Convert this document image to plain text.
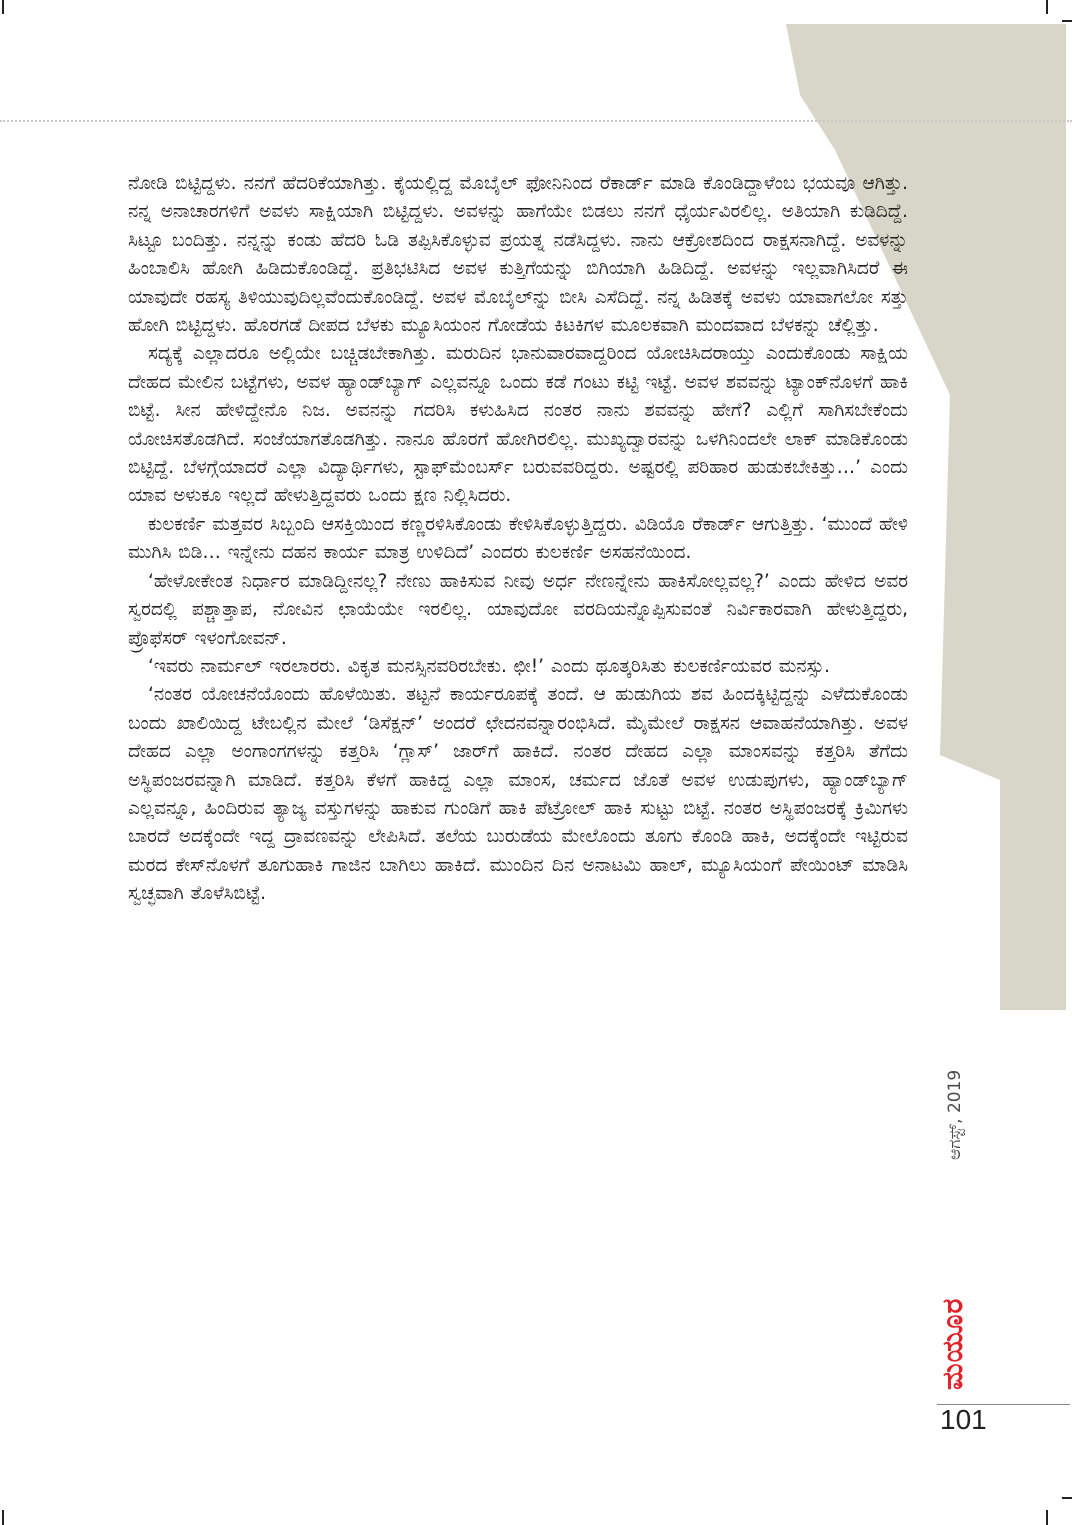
ನೋಡಿ ಬಿಟ್ಟಿದ್ದಳು. ನನಗೆ ಹೆದರಿಕೆಯಾಗಿತ್ತು. ಕೈಯಲ್ಲಿದ್ದ ಮೊಬೈಲ್ ಫೋನಿನಿಂದ ರೆಕಾರ್ಡ್ ಮಾಡಿ ಕೊಂಡಿದ್ದಾಳೆಂಬ ಭಯವೂ ಆಗಿತ್ತು. ನನ್ನ ಅನಾಚಾರಗಳಿಗೆ ಅವಳು ಸಾಕ್ಷಿಯಾಗಿ ಬಿಟ್ಟಿದ್ದಳು. ಅವಳನ್ನು ಹಾಗೆಯೇ ಬಿಡಲು ನನಗೆ ಧೈರ್ಯವಿರಲಿಲ್ಲ. ಅತಿಯಾಗಿ ಕುಡಿದಿದ್ದೆ. ಸಿಟ್ಟೂ ಬಂದಿತ್ತು. ನನ್ನನ್ನು ಕಂಡು ಹೆದರಿ ಓಡಿ ತಪ್ಪಿಸಿಕೊಳ್ಳುವ ಪ್ರಯತ್ನ ನಡೆಸಿದ್ದಳು. ನಾನು ಆಕ್ರೋಶದಿಂದ ರಾಕ್ಷಸನಾಗಿದ್ದೆ. ಅವಳನ್ನು ಹಿಂಬಾಲಿಸಿ ಹೋಗಿ ಹಿಡಿದುಕೊಂಡಿದ್ದೆ. ಪ್ರತಿಭಟಿಸಿದ ಅವಳ ಕುತ್ತಿಗೆಯನ್ನು ಬಿಗಿಯಾಗಿ ಹಿಡಿದಿದ್ದೆ. ಅವಳನ್ನು ಇಲ್ಲವಾಗಿಸಿದರೆ ಈ ಯಾವುದೇ ರಹಸ್ಯ ತಿಳಿಯುವುದಿಲ್ಲವೆಂದುಕೊಂಡಿದ್ದೆ. ಅವಳ ಮೊಬೈಲ್‌ನ್ನು ಬೀಸಿ ಎಸೆದಿದ್ದೆ. ನನ್ನ ಹಿಡಿತಕ್ಕೆ ಅವಳು ಯಾವಾಗಲೋ ಸತ್ತು ಹೋಗಿ ಬಿಟ್ಟಿದ್ದಳು. ಹೊರಗಡೆ ದೀಪದ ಬೆಳಕು ಮ್ಯೂಸಿಯಂನ ಗೋಡೆಯ ಕಿಟಕಿಗಳ ಮೂಲಕವಾಗಿ ಮಂದವಾದ ಬೆಳಕನ್ನು ಚೆಲ್ಲಿತ್ತು.

ಸದ್ಯಕ್ಕೆ ಎಲ್ಲಾದರೂ ಅಲ್ಲಿಯೇ ಬಚ್ಚಿಡಬೇಕಾಗಿತ್ತು. ಮರುದಿನ ಭಾನುವಾರವಾದ್ದರಿಂದ ಯೋಚಿಸಿದರಾಯ್ತು ಎಂದುಕೊಂಡು ಸಾಕ್ಷಿಯ ದೇಹದ ಮೇಲಿನ ಬಟ್ಟೆಗಳು, ಅವಳ ಹ್ಯಾಂಡ್‌ಬ್ಯಾಗ್ ಎಲ್ಲವನ್ನೂ ಒಂದು ಕಡೆ ಗಂಟು ಕಟ್ಟಿ ಇಟ್ಟೆ. ಅವಳ ಶವವನ್ನು ಟ್ಯಾಂಕ್‌ನೊಳಗೆ ಹಾಕಿ ಬಿಟ್ಟೆ. ಸೀನ ಹೇಳಿದ್ದೇನೊ ನಿಜ. ಅವನನ್ನು ಗದರಿಸಿ ಕಳುಹಿಸಿದ ನಂತರ ನಾನು ಶವವನ್ನು ಹೇಗೆ? ಎಲ್ಲಿಗೆ ಸಾಗಿಸಬೇಕೆಂದು ಯೋಚಿಸತೊಡಗಿದೆ. ಸಂಜೆಯಾಗತೊಡಗಿತ್ತು. ನಾನೂ ಹೊರಗೆ ಹೋಗಿರಲಿಲ್ಲ. ಮುಖ್ಯದ್ವಾರವನ್ನು ಒಳಗಿನಿಂದಲೇ ಲಾಕ್ ಮಾಡಿಕೊಂಡು ಬಿಟ್ಟಿದ್ದೆ. ಬೆಳಗ್ಗೆಯಾದರೆ ಎಲ್ಲಾ ವಿದ್ಯಾರ್ಥಿಗಳು, ಸ್ಟಾಫ್‌ಮೆಂಬರ್ಸ್ ಬರುವವರಿದ್ದರು. ಅಷ್ಟರಲ್ಲಿ ಪರಿಹಾರ ಹುಡುಕಬೇಕಿತ್ತು…’ ಎಂದು ಯಾವ ಅಳುಕೂ ಇಲ್ಲದೆ ಹೇಳುತ್ತಿದ್ದವರು ಒಂದು ಕ್ಷಣ ನಿಲ್ಲಿಸಿದರು.

ಕುಲಕರ್ಣಿ ಮತ್ತವರ ಸಿಬ್ಬಂದಿ ಆಸಕ್ತಿಯಿಂದ ಕಣ್ಣರಳಿಸಿಕೊಂಡು ಕೇಳಿಸಿಕೊಳ್ಳುತ್ತಿದ್ದರು. ವಿಡಿಯೊ ರೆಕಾರ್ಡ್ ಆಗುತ್ತಿತ್ತು. ‘ಮುಂದೆ ಹೇಳಿ ಮುಗಿಸಿ ಬಿಡಿ… ಇನ್ನೇನು ದಹನ ಕಾರ್ಯ ಮಾತ್ರ ಉಳಿದಿದೆ’ ಎಂದರು ಕುಲಕರ್ಣಿ ಅಸಹನೆಯಿಂದ.

‘ಹೇಳೋಕೇಂತ ನಿರ್ಧಾರ ಮಾಡಿದ್ದೀನಲ್ಲ? ನೇಣು ಹಾಕಿಸುವ ನೀವು ಅರ್ಧ ನೇಣನ್ನೇನು ಹಾಕಿಸೋಲ್ಲವಲ್ಲ?’ ಎಂದು ಹೇಳಿದ ಅವರ ಸ್ವರದಲ್ಲಿ ಪಶ್ಚಾತ್ತಾಪ, ನೋವಿನ ಛಾಯೆಯೇ ಇರಲಿಲ್ಲ. ಯಾವುದೋ ವರದಿಯನ್ನೊಪ್ಪಿಸುವಂತೆ ನಿರ್ವಿಕಾರವಾಗಿ ಹೇಳುತ್ತಿದ್ದರು, ಪ್ರೊಫೆಸರ್ ಇಳಂಗೋವನ್.

‘ಇವರು ನಾರ್ಮಲ್ ಇರಲಾರರು. ವಿಕೃತ ಮನಸ್ಸಿನವರಿರಬೇಕು. ಛೀ!’ ಎಂದು ಥೂತ್ಕರಿಸಿತು ಕುಲಕರ್ಣಿಯವರ ಮನಸ್ಸು.

‘ನಂತರ ಯೋಚನೆಯೊಂದು ಹೊಳೆಯಿತು. ತಟ್ಟನೆ ಕಾರ್ಯರೂಪಕ್ಕೆ ತಂದೆ. ಆ ಹುಡುಗಿಯ ಶವ ಹಿಂದಕ್ಕಿಟ್ಟಿದ್ದನ್ನು ಎಳೆದುಕೊಂಡು ಬಂದು ಖಾಲಿಯಿದ್ದ ಟೇಬಲ್ಲಿನ ಮೇಲೆ ‘ಡಿಸೆಕ್ಷನ್’ ಅಂದರೆ ಛೇದನವನ್ನಾರಂಭಿಸಿದೆ. ಮೈಮೇಲೆ ರಾಕ್ಷಸನ ಆವಾಹನೆಯಾಗಿತ್ತು. ಅವಳ ದೇಹದ ಎಲ್ಲಾ ಅಂಗಾಂಗಗಳನ್ನು ಕತ್ತರಿಸಿ ‘ಗ್ಲಾಸ್’ ಜಾರ್‌ಗೆ ಹಾಕಿದೆ. ನಂತರ ದೇಹದ ಎಲ್ಲಾ ಮಾಂಸವನ್ನು ಕತ್ತರಿಸಿ ತೆಗೆದು ಅಸ್ಥಿಪಂಜರವನ್ನಾಗಿ ಮಾಡಿದೆ. ಕತ್ತರಿಸಿ ಕೆಳಗೆ ಹಾಕಿದ್ದ ಎಲ್ಲಾ ಮಾಂಸ, ಚರ್ಮದ ಜೊತೆ ಅವಳ ಉಡುಪುಗಳು, ಹ್ಯಾಂಡ್‌ಬ್ಯಾಗ್ ಎಲ್ಲವನ್ನೂ, ಹಿಂದಿರುವ ತ್ಯಾಜ್ಯ ವಸ್ತುಗಳನ್ನು ಹಾಕುವ ಗುಂಡಿಗೆ ಹಾಕಿ ಪೆಟ್ರೋಲ್ ಹಾಕಿ ಸುಟ್ಟು ಬಿಟ್ಟೆ. ನಂತರ ಅಸ್ಥಿಪಂಜರಕ್ಕೆ ಕ್ರಿಮಿಗಳು ಬಾರದೆ ಅದಕ್ಕೆಂದೇ ಇದ್ದ ದ್ರಾವಣವನ್ನು ಲೇಪಿಸಿದೆ. ತಲೆಯ ಬುರುಡೆಯ ಮೇಲೊಂದು ತೂಗು ಕೊಂಡಿ ಹಾಕಿ, ಅದಕ್ಕೆಂದೇ ಇಟ್ಟಿರುವ ಮರದ ಕೇಸ್‌ನೊಳಗೆ ತೂಗುಹಾಕಿ ಗಾಜಿನ ಬಾಗಿಲು ಹಾಕಿದೆ. ಮುಂದಿನ ದಿನ ಅನಾಟಮಿ ಹಾಲ್, ಮ್ಯೂಸಿಯಂಗೆ ಪೇಯಿಂಟ್ ಮಾಡಿಸಿ ಸ್ವಚ್ಛವಾಗಿ ತೊಳೆಸಿಬಿಟ್ಟೆ.

ಆಗಸ್ಟ್, 2019
ಮಯೂರ
101
